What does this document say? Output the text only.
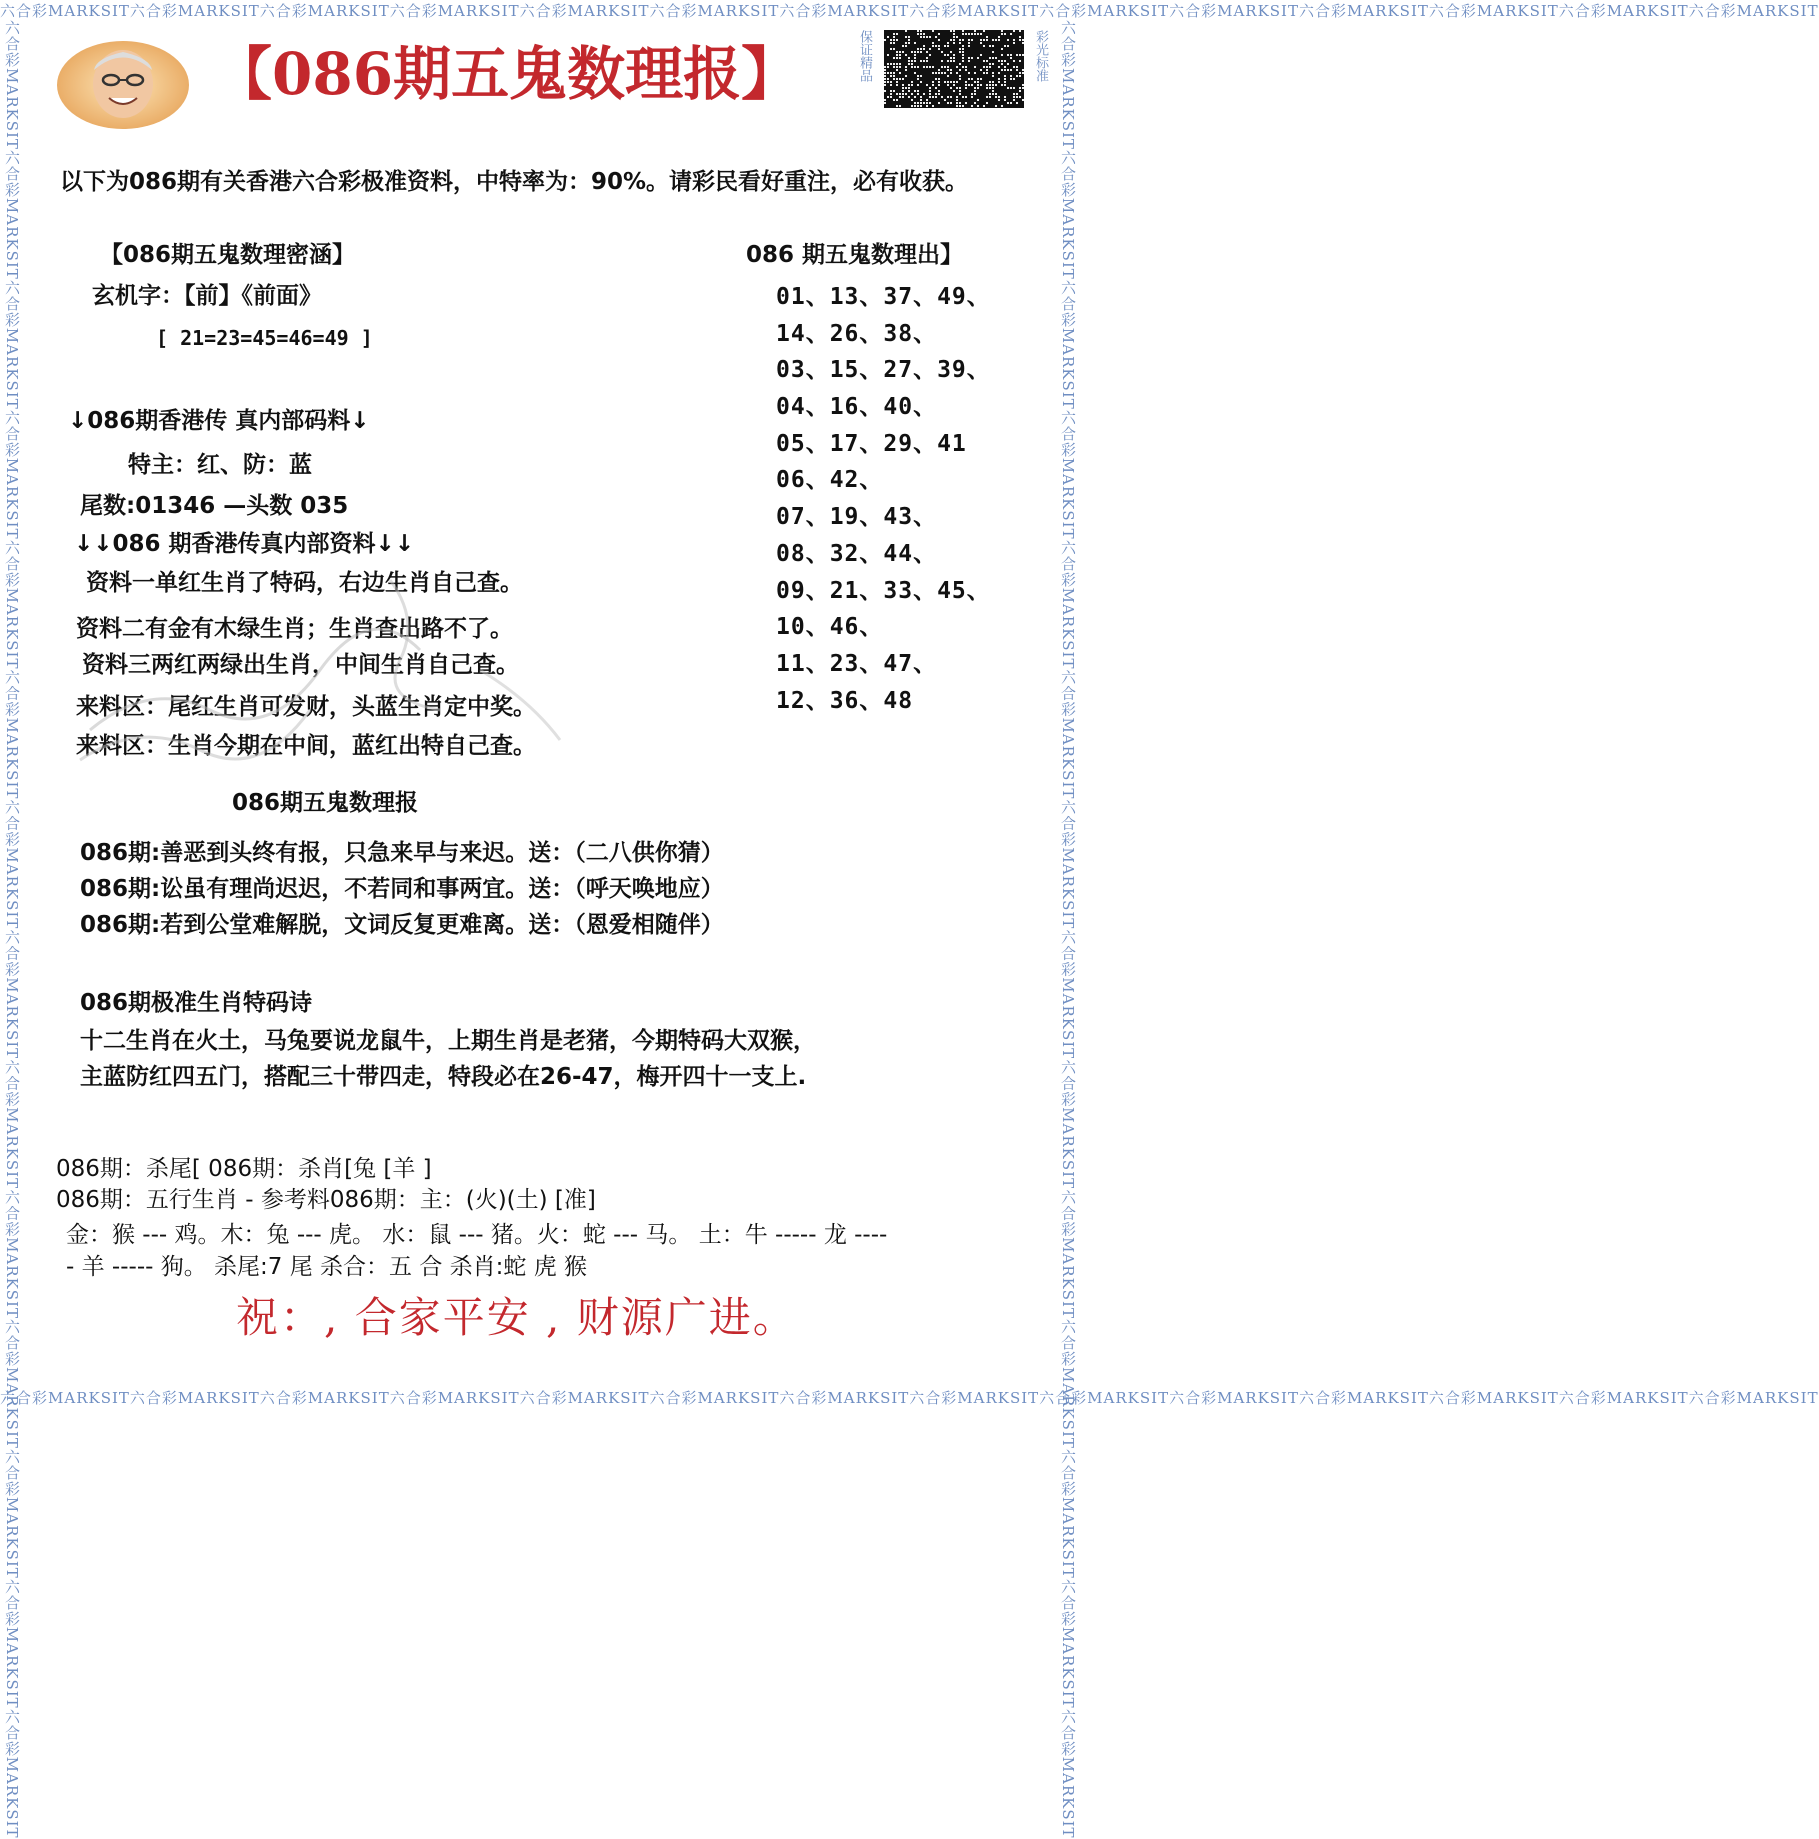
六合彩MARKSIT六合彩MARKSIT六合彩MARKSIT六合彩MARKSIT六合彩MARKSIT六合彩MARKSIT六合彩MARKSIT六合彩MARKSIT六合彩MARKSIT六合彩MARKSIT六合彩MARKSIT六合彩MARKSIT六合彩MARKSIT六合彩MARKSIT
六合彩MARKSIT六合彩MARKSIT六合彩MARKSIT六合彩MARKSIT六合彩MARKSIT六合彩MARKSIT六合彩MARKSIT六合彩MARKSIT六合彩MARKSIT六合彩MARKSIT六合彩MARKSIT六合彩MARKSIT六合彩MARKSIT六合彩MARKSIT
六合彩MARKSIT六合彩MARKSIT六合彩MARKSIT六合彩MARKSIT六合彩MARKSIT六合彩MARKSIT六合彩MARKSIT六合彩MARKSIT六合彩MARKSIT六合彩MARKSIT六合彩MARKSIT六合彩MARKSIT六合彩MARKSIT六合彩MARKSIT	六合彩MARKSIT六合彩MARKSIT六合彩MARKSIT六合彩MARKSIT六合彩MARKSIT六合彩MARKSIT六合彩MARKSIT六合彩MARKSIT六合彩MARKSIT六合彩MARKSIT六合彩MARKSIT六合彩MARKSIT六合彩MARKSIT六合彩MARKSIT
【086期五鬼数理报】	保证精品	彩光标准
以下为086期有关香港六合彩极准资料，中特率为：90%。请彩民看好重注，必有收获。
【086期五鬼数理密涵】
玄机字：【前】《前面》
[ 21=23=45=46=49 ]
↓086期香港传 真内部码料↓
特主：红、防：蓝
尾数:01346 —头数 035
↓↓086 期香港传真内部资料↓↓
资料一单红生肖了特码，右边生肖自己查。
资料二有金有木绿生肖；生肖查出路不了。
资料三两红两绿出生肖，中间生肖自己查。
来料区：尾红生肖可发财，头蓝生肖定中奖。
来料区：生肖今期在中间，蓝红出特自己查。
086 期五鬼数理出】
01、13、37、49、
14、26、38、
03、15、27、39、
04、16、40、
05、17、29、41
06、42、
07、19、43、
08、32、44、
09、21、33、45、
10、46、
11、23、47、
12、36、48
086期五鬼数理报
086期:善恶到头终有报，只急来早与来迟。送：（二八供你猜）
086期:讼虽有理尚迟迟，不若同和事两宜。送：（呼天唤地应）
086期:若到公堂难解脱，文词反复更难离。送：（恩爱相随伴）
086期极准生肖特码诗
十二生肖在火土，马兔要说龙鼠牛，上期生肖是老猪，今期特码大双猴，
主蓝防红四五门，搭配三十带四走，特段必在26-47，梅开四十一支上.
086期：杀尾[ 086期：杀肖[兔 [羊 ]
086期：五行生肖 - 参考料086期：主：(火)(土) [准]
金：猴 --- 鸡。木：兔 --- 虎。 水：鼠 --- 猪。火：蛇 --- 马。 土：牛 ----- 龙 ----
- 羊 ----- 狗。 杀尾:7 尾 杀合：五 合 杀肖:蛇 虎 猴
祝：, 合家平安 , 财源广进。
